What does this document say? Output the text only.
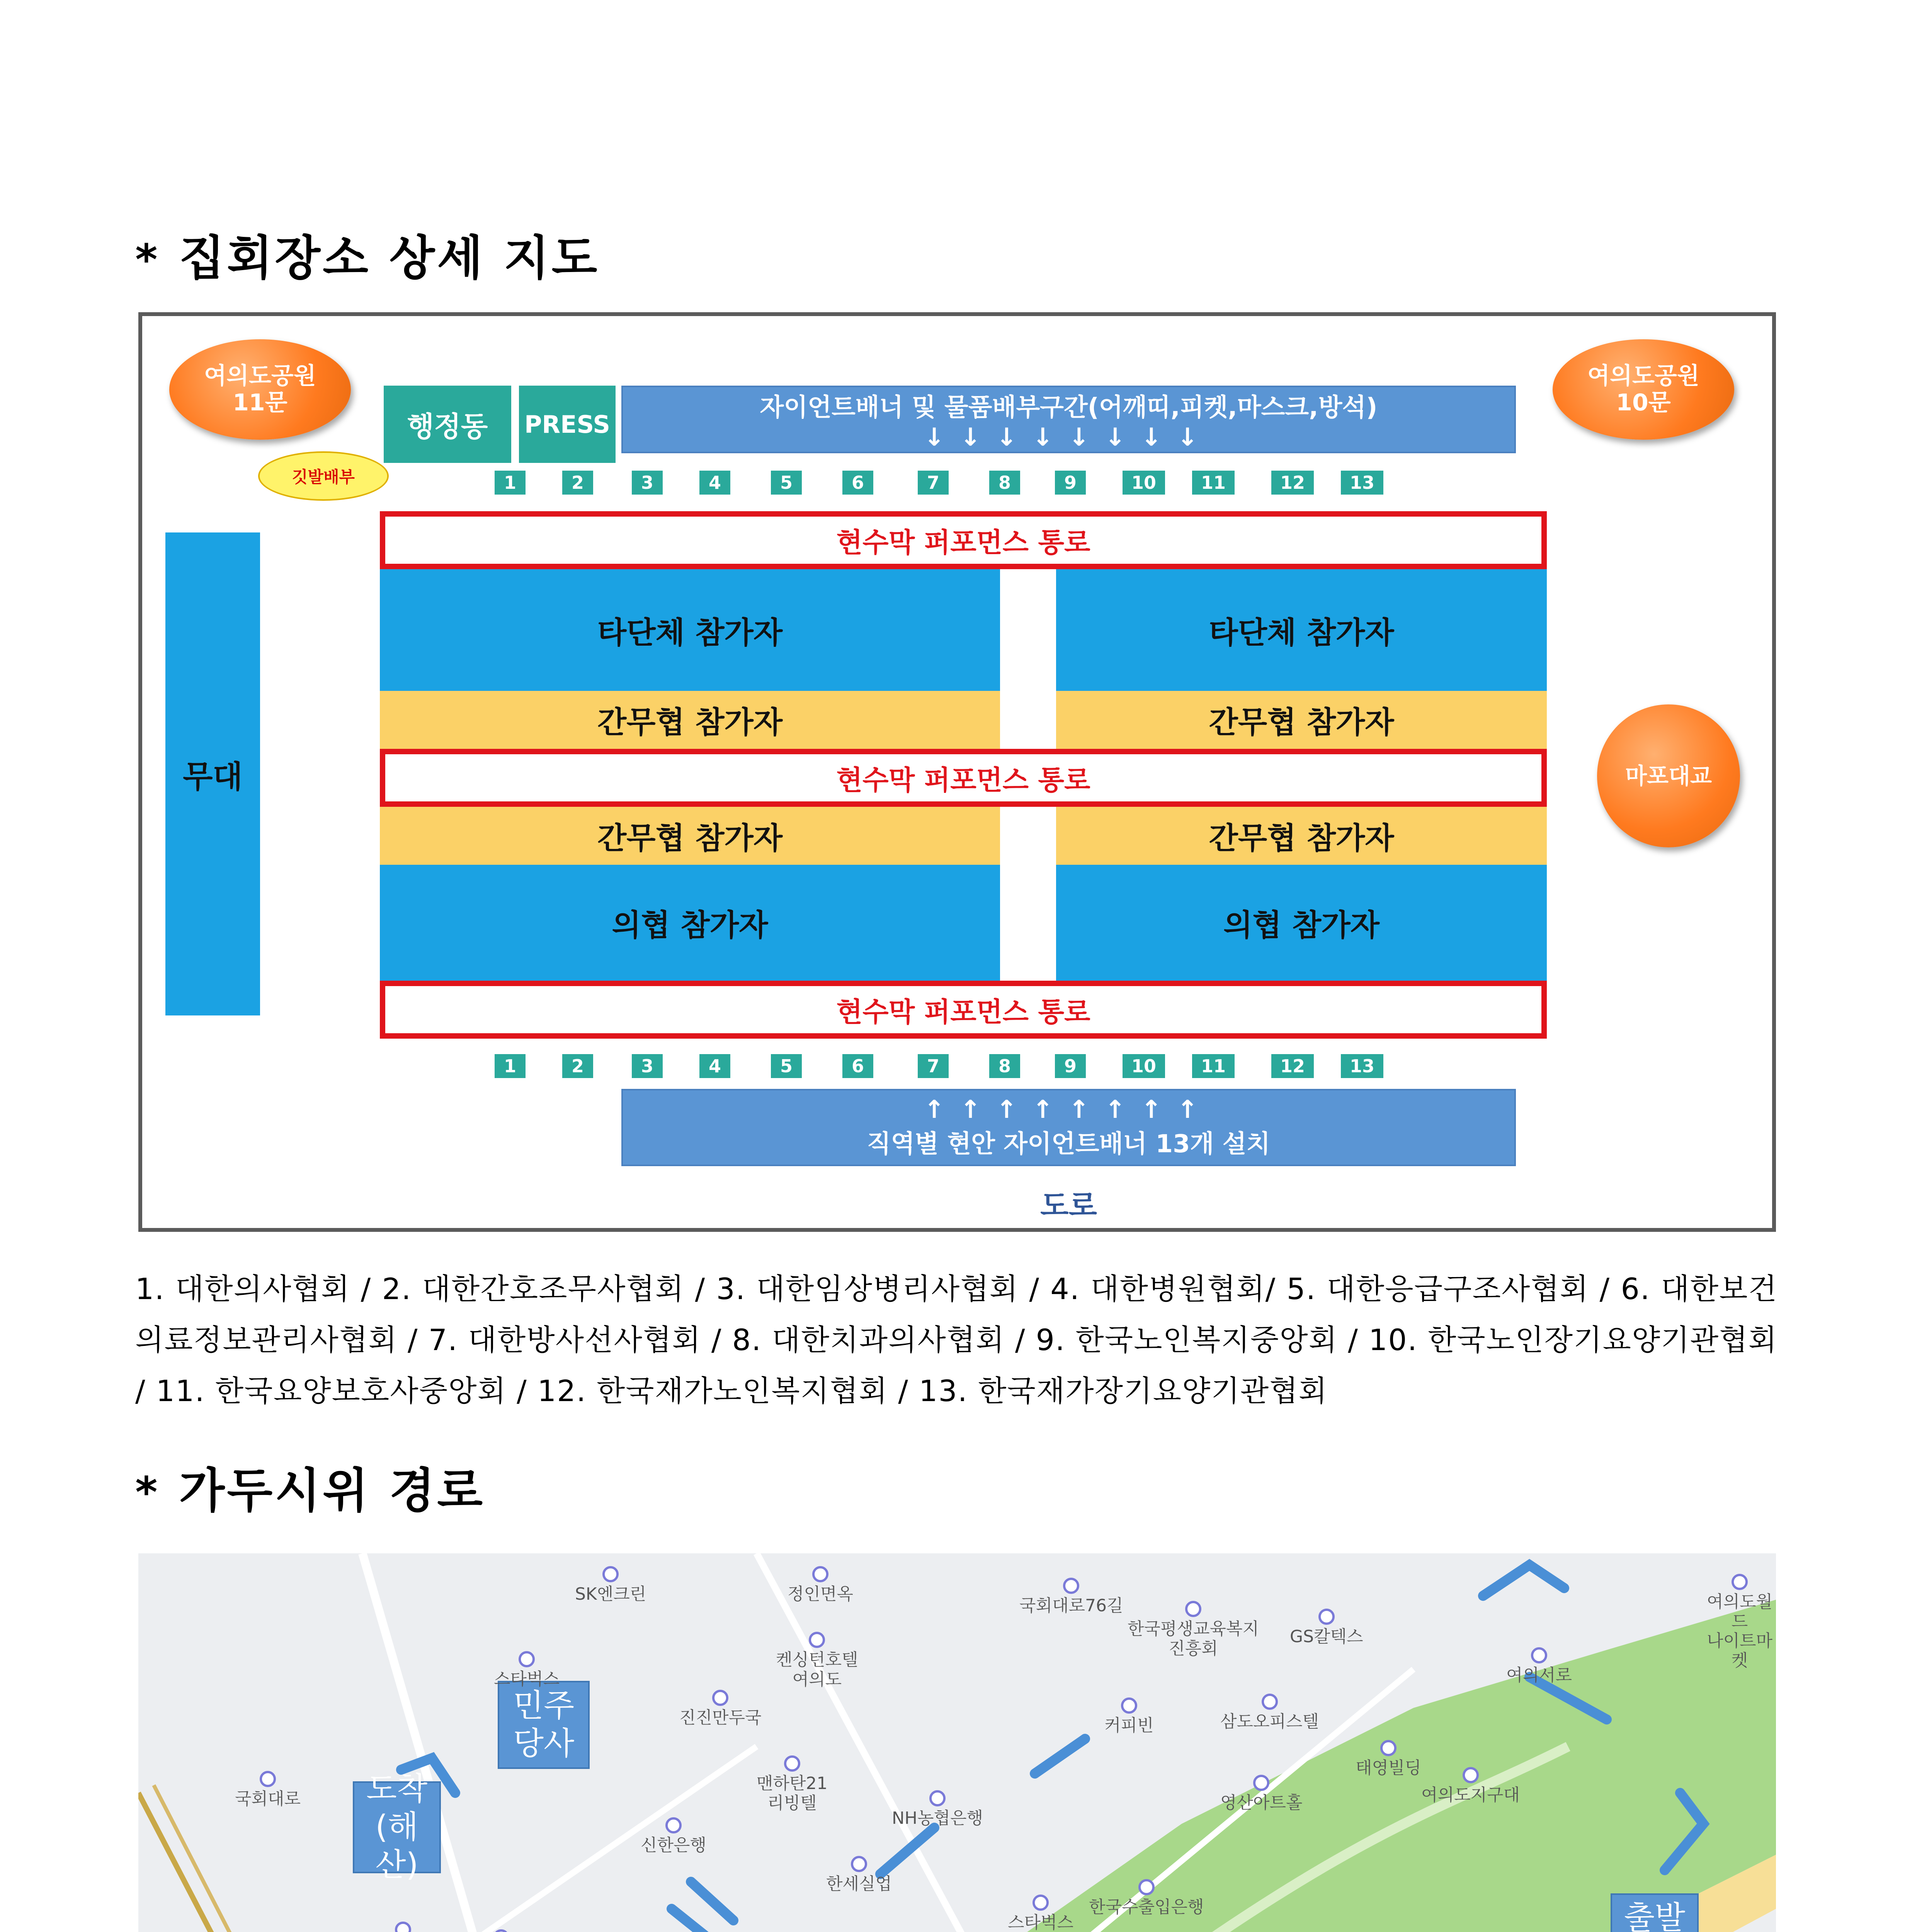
* 집회장소 상세 지도
여의도공원
11문
여의도공원
10문
행정동	PRESS
깃발배부
자이언트배너 및 물품배부구간(어깨띠,피켓,마스크,방석)
↓↓↓↓↓↓↓↓
1	2	3	4	5	6	7	8	9	10	11	12	13
현수막 퍼포먼스 통로
무대
타단체 참가자	타단체 참가자
간무협 참가자	간무협 참가자
현수막 퍼포먼스 통로	마포대교
간무협 참가자	간무협 참가자
의협 참가자	의협 참가자
현수막 퍼포먼스 통로
1	2	3	4	5	6	7	8	9	10	11	12	13
↑↑↑↑↑↑↑↑
직역별 현안 자이언트배너 13개 설치
도로
1. 대한의사협회 / 2. 대한간호조무사협회 / 3. 대한임상병리사협회 / 4. 대한병원협회/ 5. 대한응급구조사협회 / 6. 대한보건의료정보관리사협회 / 7. 대한방사선사협회 / 8. 대한치과의사협회 / 9. 한국노인복지중앙회 / 10. 한국노인장기요양기관협회 / 11. 한국요양보호사중앙회 / 12. 한국재가노인복지협회 / 13. 한국재가장기요양기관협회
* 가두시위 경로
도착
(해산)
민주
당사
출발
SK엔크린	정인면옥
국회대로76길
한국평생교육복지
진흥회
GS칼텍스
여의도월드
나이트마켓
스타벅스
켄싱턴호텔
여의도
진진만두국	커피빈	삼도오피스텔
태영빌딩
여의서로
맨하탄21
리빙텔
NH농협은행
영산아트홀	여의도지구대
국회대로
신한은행
한세실업
스타벅스
한국수출입은행
